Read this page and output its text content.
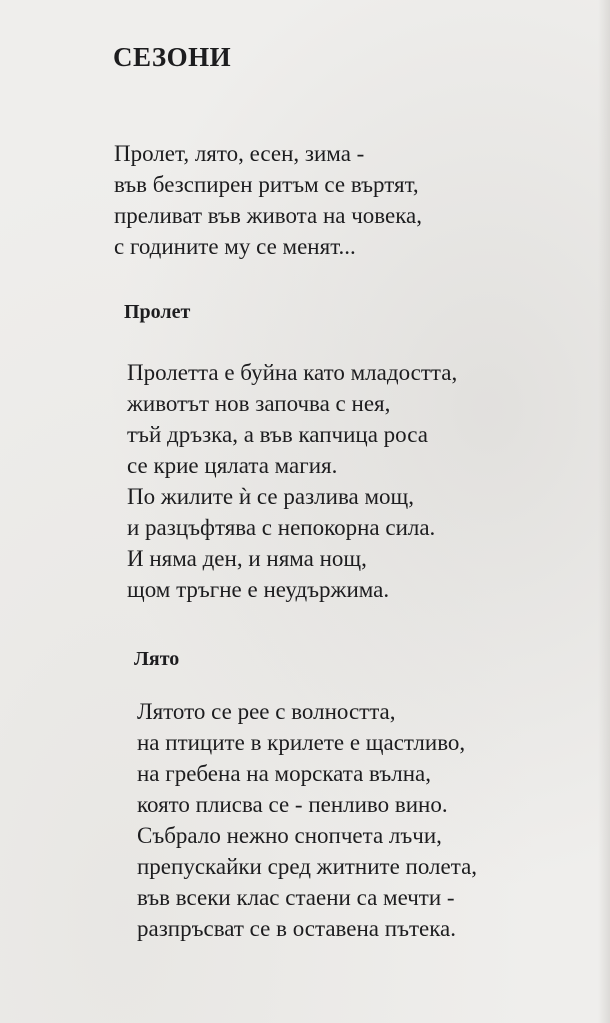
СЕЗОНИ
Пролет, лято, есен, зима -
във безспирен ритъм се въртят,
преливат във живота на човека,
с годините му се менят...
Пролет
Пролетта е буйна като младостта,
животът нов започва с нея,
тъй дръзка, а във капчица роса
се крие цялата магия.
По жилите ѝ се разлива мощ,
и разцъфтява с непокорна сила.
И няма ден, и няма нощ,
щом тръгне е неудържима.
Лято
Лятото се рее с волността,
на птиците в крилете е щастливо,
на гребена на морската вълна,
която плисва се - пенливо вино.
Събрало нежно снопчета лъчи,
препускайки сред житните полета,
във всеки клас стаени са мечти -
разпръсват се в оставена пътека.
